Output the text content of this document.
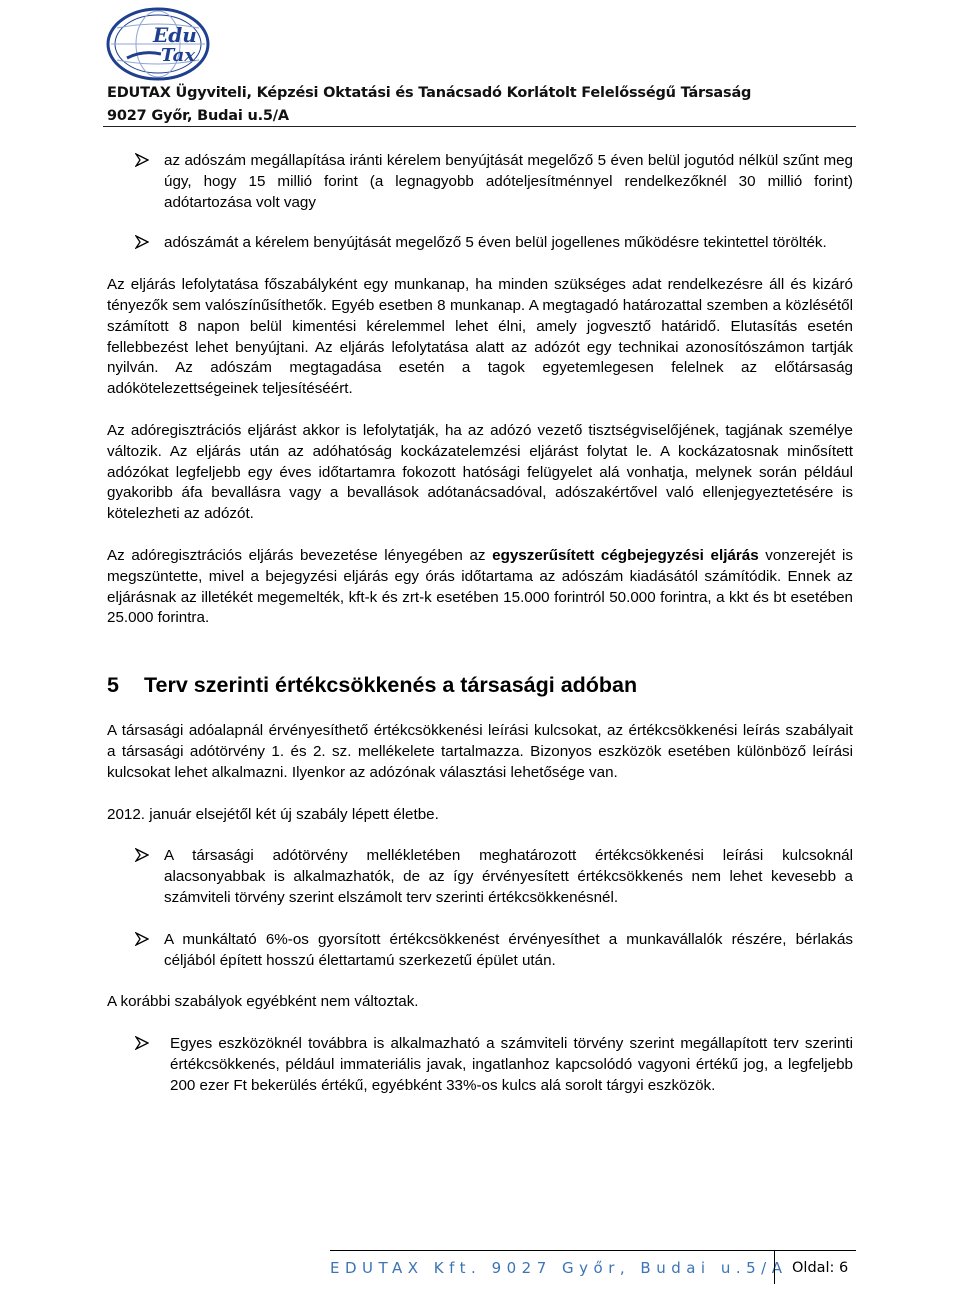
Edu
Tax
EDUTAX Ügyviteli, Képzési Oktatási és Tanácsadó Korlátolt Felelősségű Társaság
9027 Győr, Budai u.5/A
az adószám megállapítása iránti kérelem benyújtását megelőző 5 éven belül jogutód nélkül szűnt meg úgy, hogy 15 millió forint (a legnagyobb adóteljesítménnyel rendelkezőknél 30 millió forint) adótartozása volt vagy
adószámát a kérelem benyújtását megelőző 5 éven belül jogellenes működésre tekintettel törölték.

Az eljárás lefolytatása főszabályként egy munkanap, ha minden szükséges adat rendelkezésre áll és kizáró tényezők sem valószínűsíthetők. Egyéb esetben 8 munkanap. A megtagadó határozattal szemben a közlésétől számított 8 napon belül kimentési kérelemmel lehet élni, amely jogvesztő határidő. Elutasítás esetén fellebbezést lehet benyújtani. Az eljárás lefolytatása alatt az adózót egy technikai azonosítószámon tartják nyilván. Az adószám megtagadása esetén a tagok egyetemlegesen felelnek az előtársaság adókötelezettségeinek teljesítéséért.

Az adóregisztrációs eljárást akkor is lefolytatják, ha az adózó vezető tisztségviselőjének, tagjának személye változik. Az eljárás után az adóhatóság kockázatelemzési eljárást folytat le. A kockázatosnak minősített adózókat legfeljebb egy éves időtartamra fokozott hatósági felügyelet alá vonhatja, melynek során például gyakoribb áfa bevallásra vagy a bevallások adótanácsadóval, adószakértővel való ellenjegyeztetésére is kötelezheti az adózót.

Az adóregisztrációs eljárás bevezetése lényegében az egyszerűsített cégbejegyzési eljárás vonzerejét is megszüntette, mivel a bejegyzési eljárás egy órás időtartama az adószám kiadásától számítódik. Ennek az eljárásnak az illetékét megemelték, kft-k és zrt-k esetében 15.000 forintról 50.000 forintra, a kkt és bt esetében 25.000 forintra.

5 Terv szerinti értékcsökkenés a társasági adóban

A társasági adóalapnál érvényesíthető értékcsökkenési leírási kulcsokat, az értékcsökkenési leírás szabályait a társasági adótörvény 1. és 2. sz. mellékelete tartalmazza. Bizonyos eszközök esetében különböző leírási kulcsokat lehet alkalmazni. Ilyenkor az adózónak választási lehetősége van.

2012. január elsejétől két új szabály lépett életbe.

A társasági adótörvény mellékletében meghatározott értékcsökkenési leírási kulcsoknál alacsonyabbak is alkalmazhatók, de az így érvényesített értékcsökkenés nem lehet kevesebb a számviteli törvény szerint elszámolt terv szerinti értékcsökkenésnél.
A munkáltató 6%-os gyorsított értékcsökkenést érvényesíthet a munkavállalók részére, bérlakás céljából épített hosszú élettartamú szerkezetű épület után.

A korábbi szabályok egyébként nem változtak.

Egyes eszközöknél továbbra is alkalmazható a számviteli törvény szerint megállapított terv szerinti értékcsökkenés, például immateriális javak, ingatlanhoz kapcsolódó vagyoni értékű jog, a legfeljebb 200 ezer Ft bekerülés értékű, egyébként 33%-os kulcs alá sorolt tárgyi eszközök.
EDUTAX Kft. 9027 Győr, Budai u.5/A Oldal: 6
